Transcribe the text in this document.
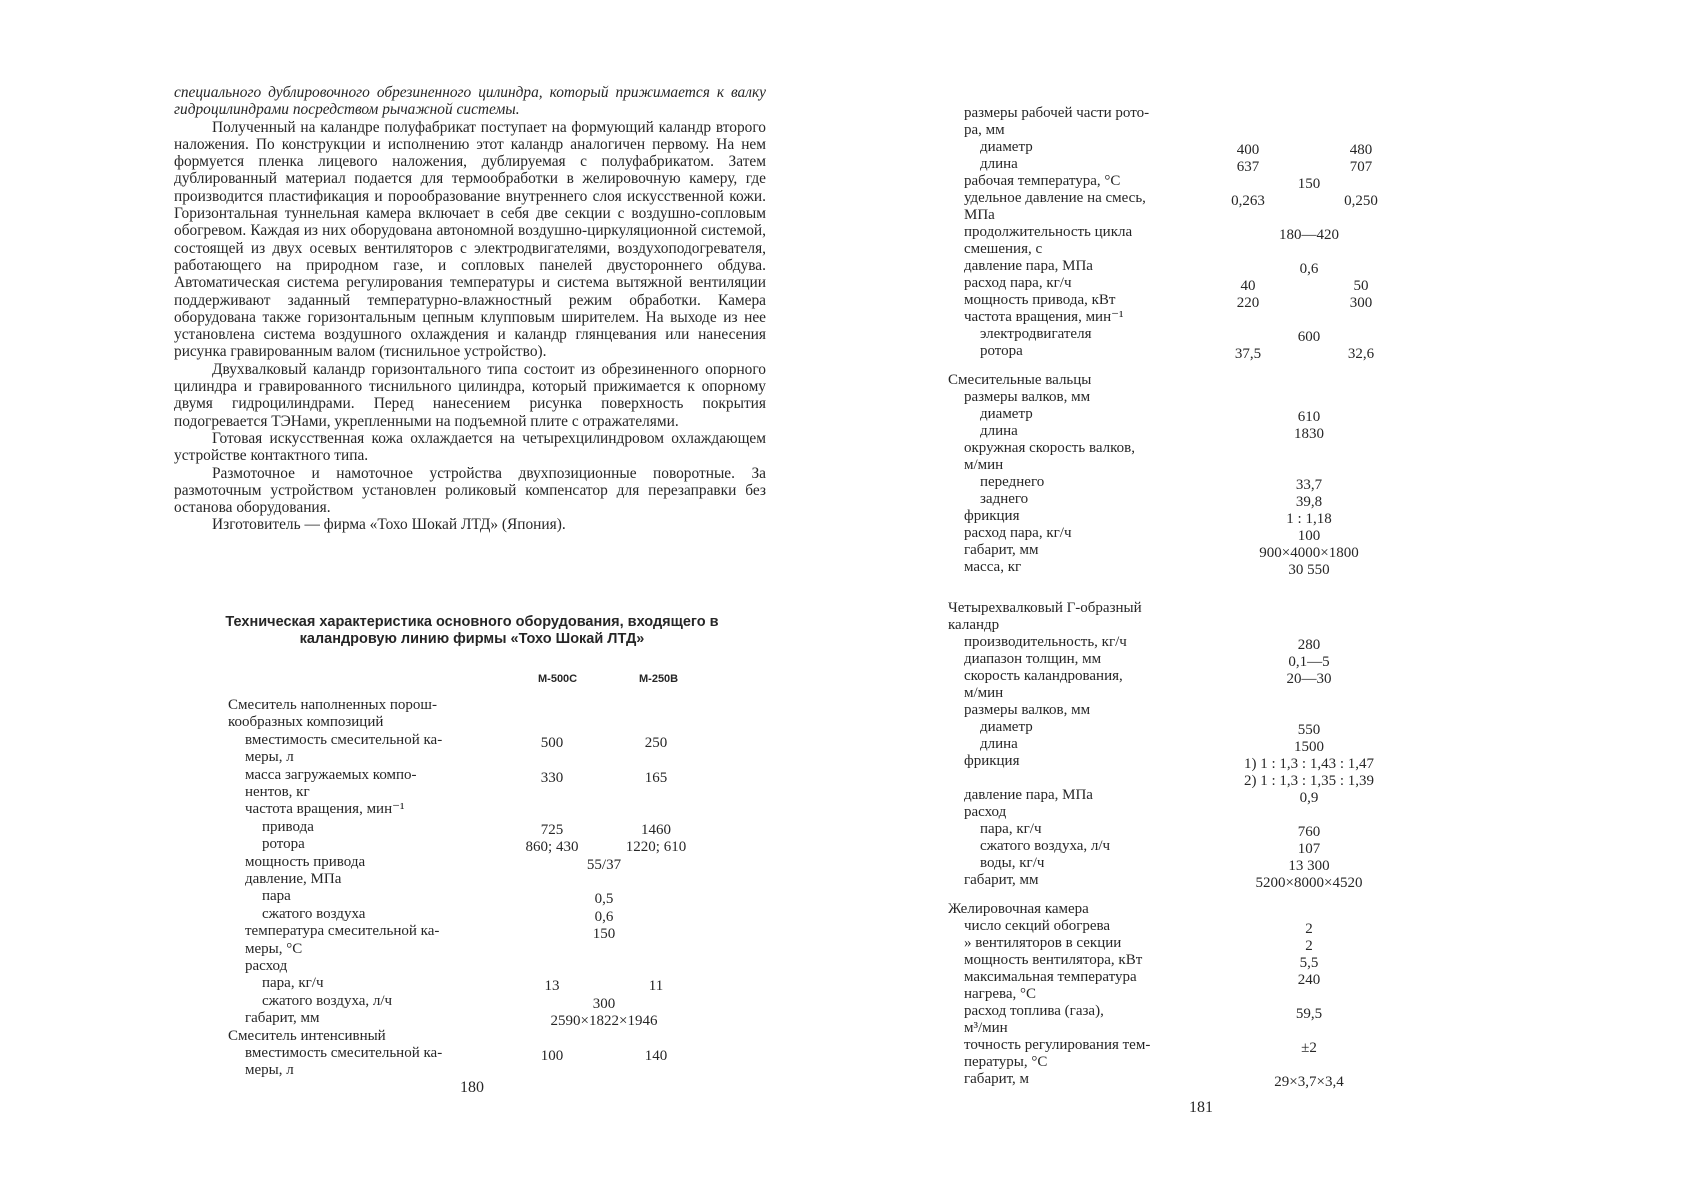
специального дублировочного обрезиненного цилиндра, который прижимается к валку гидроцилиндрами посредством рычажной системы.

Полученный на каландре полуфабрикат поступает на формующий каландр второго наложения. По конструкции и исполнению этот каландр аналогичен первому. На нем формуется пленка лицевого наложения, дублируемая с полуфабрикатом. Затем дублированный материал подается для термообработки в желировочную камеру, где производится пластификация и порообразование внутреннего слоя искусственной кожи. Горизонтальная туннельная камера включает в себя две секции с воздушно-сопловым обогревом. Каждая из них оборудована автономной воздушно-циркуляционной системой, состоящей из двух осевых вентиляторов с электродвигателями, воздухоподогревателя, работающего на природном газе, и сопловых панелей двустороннего обдува. Автоматическая система регулирования температуры и система вытяжной вентиляции поддерживают заданный температурно-влажностный режим обработки. Камера оборудована также горизонтальным цепным клупповым ширителем. На выходе из нее установлена система воздушного охлаждения и каландр глянцевания или нанесения рисунка гравированным валом (тиснильное устройство).

Двухвалковый каландр горизонтального типа состоит из обрезиненного опорного цилиндра и гравированного тиснильного цилиндра, который прижимается к опорному двумя гидроцилиндрами. Перед нанесением рисунка поверхность покрытия подогревается ТЭНами, укрепленными на подъемной плите с отражателями.

Готовая искусственная кожа охлаждается на четырехцилиндровом охлаждающем устройстве контактного типа.

Размоточное и намоточное устройства двухпозиционные поворотные. За размоточным устройством установлен роликовый компенсатор для перезаправки без останова оборудования.

Изготовитель — фирма «Тохо Шокай ЛТД» (Япония).

Техническая характеристика основного оборудования, входящего в каландровую линию фирмы «Тохо Шокай ЛТД»
М-500С	М-250В
Смеситель наполненных порош-
кообразных композиций
вместимость смесительной ка-	500	250
меры, л
масса загружаемых компо-	330	165
нентов, кг
частота вращения, мин⁻¹
привода	725	1460
ротора	860; 430	1220; 610
мощность привода	55/37
давление, МПа
пара	0,5
сжатого воздуха	0,6
температура смесительной ка-	150
меры, °С
расход
пара, кг/ч	13	11
сжатого воздуха, л/ч	300
габарит, мм	2590×1822×1946
Смеситель интенсивный
вместимость смесительной ка-	100	140
меры, л
180
размеры рабочей части рото-
ра, мм
диаметр	400	480
длина	637	707
рабочая температура, °С	150
удельное давление на смесь,	0,263	0,250
МПа
продолжительность цикла	180—420
смешения, с
давление пара, МПа	0,6
расход пара, кг/ч	40	50
мощность привода, кВт	220	300
частота вращения, мин⁻¹
электродвигателя	600
ротора	37,5	32,6
Смесительные вальцы
размеры валков, мм
диаметр	610
длина	1830
окружная скорость валков,
м/мин
переднего	33,7
заднего	39,8
фрикция	1 : 1,18
расход пара, кг/ч	100
габарит, мм	900×4000×1800
масса, кг	30 550
Четырехвалковый Г-образный
каландр
производительность, кг/ч	280
диапазон толщин, мм	0,1—5
скорость каландрования,	20—30
м/мин
размеры валков, мм
диаметр	550
длина	1500
фрикция	1) 1 : 1,3 : 1,43 : 1,47
2) 1 : 1,3 : 1,35 : 1,39
давление пара, МПа	0,9
расход
пара, кг/ч	760
сжатого воздуха, л/ч	107
воды, кг/ч	13 300
габарит, мм	5200×8000×4520
Желировочная камера
число секций обогрева	2
» вентиляторов в секции	2
мощность вентилятора, кВт	5,5
максимальная температура	240
нагрева, °С
расход топлива (газа),	59,5
м³/мин
точность регулирования тем-	±2
пературы, °С
габарит, м	29×3,7×3,4
181
